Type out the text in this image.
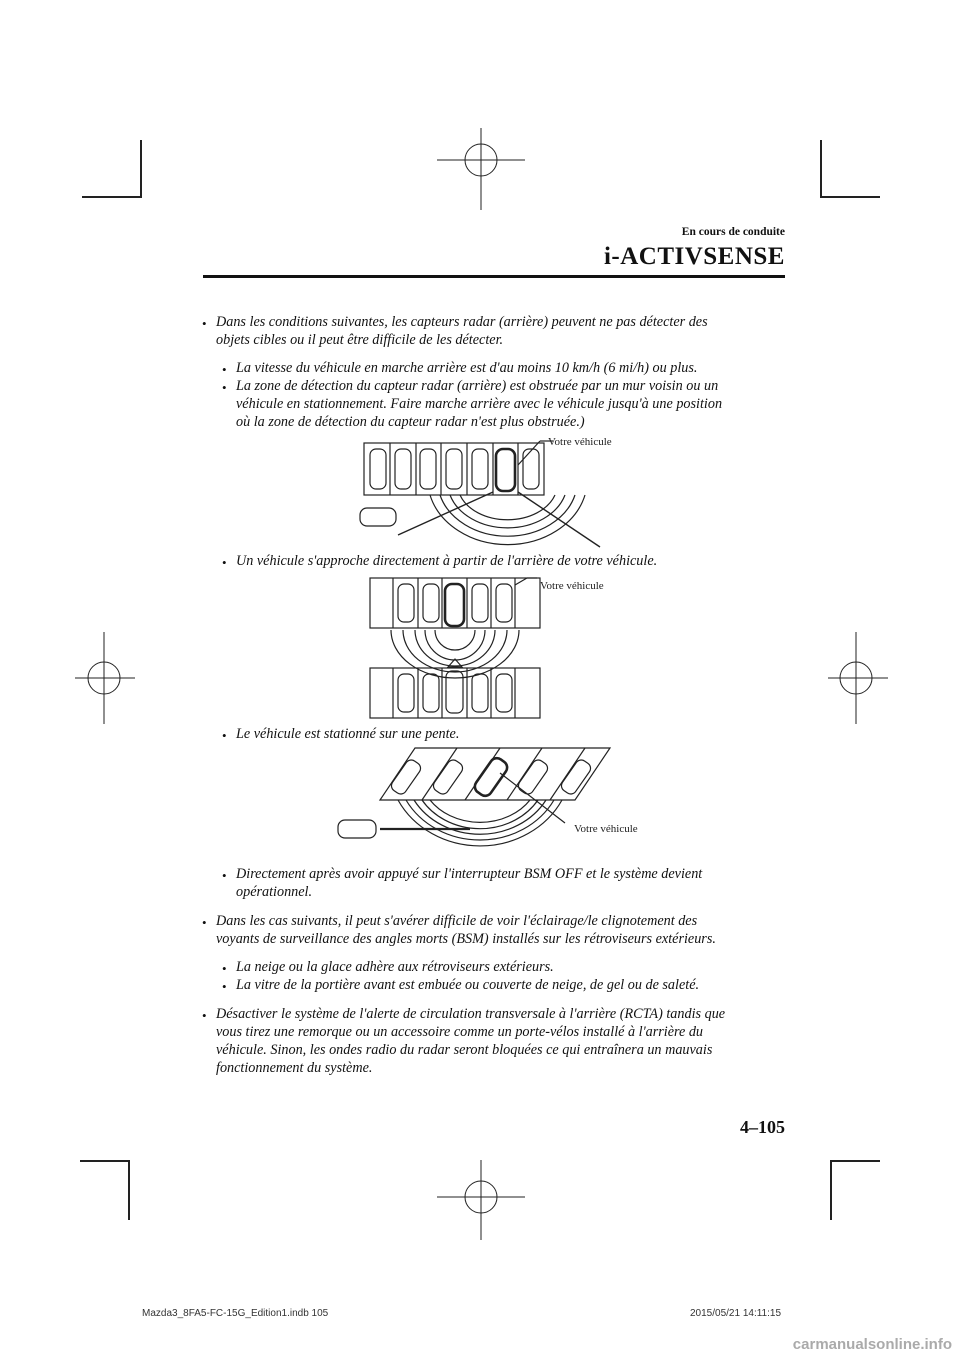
En cours de conduite
i-ACTIVSENSE
• Dans les conditions suivantes, les capteurs radar (arrière) peuvent ne pas détecter des
objets cibles ou il peut être difficile de les détecter.
• La vitesse du véhicule en marche arrière est d'au moins 10 km/h (6 mi/h) ou plus.
• La zone de détection du capteur radar (arrière) est obstruée par un mur voisin ou un
véhicule en stationnement. Faire marche arrière avec le véhicule jusqu'à une position
où la zone de détection du capteur radar n'est plus obstruée.)
Votre véhicule
• Un véhicule s'approche directement à partir de l'arrière de votre véhicule.
Votre véhicule
• Le véhicule est stationné sur une pente.
Votre véhicule
• Directement après avoir appuyé sur l'interrupteur BSM OFF et le système devient
opérationnel.
• Dans les cas suivants, il peut s'avérer difficile de voir l'éclairage/le clignotement des
voyants de surveillance des angles morts (BSM) installés sur les rétroviseurs extérieurs.
• La neige ou la glace adhère aux rétroviseurs extérieurs.
• La vitre de la portière avant est embuée ou couverte de neige, de gel ou de saleté.
• Désactiver le système de l'alerte de circulation transversale à l'arrière (RCTA) tandis que
vous tirez une remorque ou un accessoire comme un porte-vélos installé à l'arrière du
véhicule. Sinon, les ondes radio du radar seront bloquées ce qui entraînera un mauvais
fonctionnement du système.
4–105
Mazda3_8FA5-FC-15G_Edition1.indb 105	2015/05/21 14:11:15
carmanualsonline.info
